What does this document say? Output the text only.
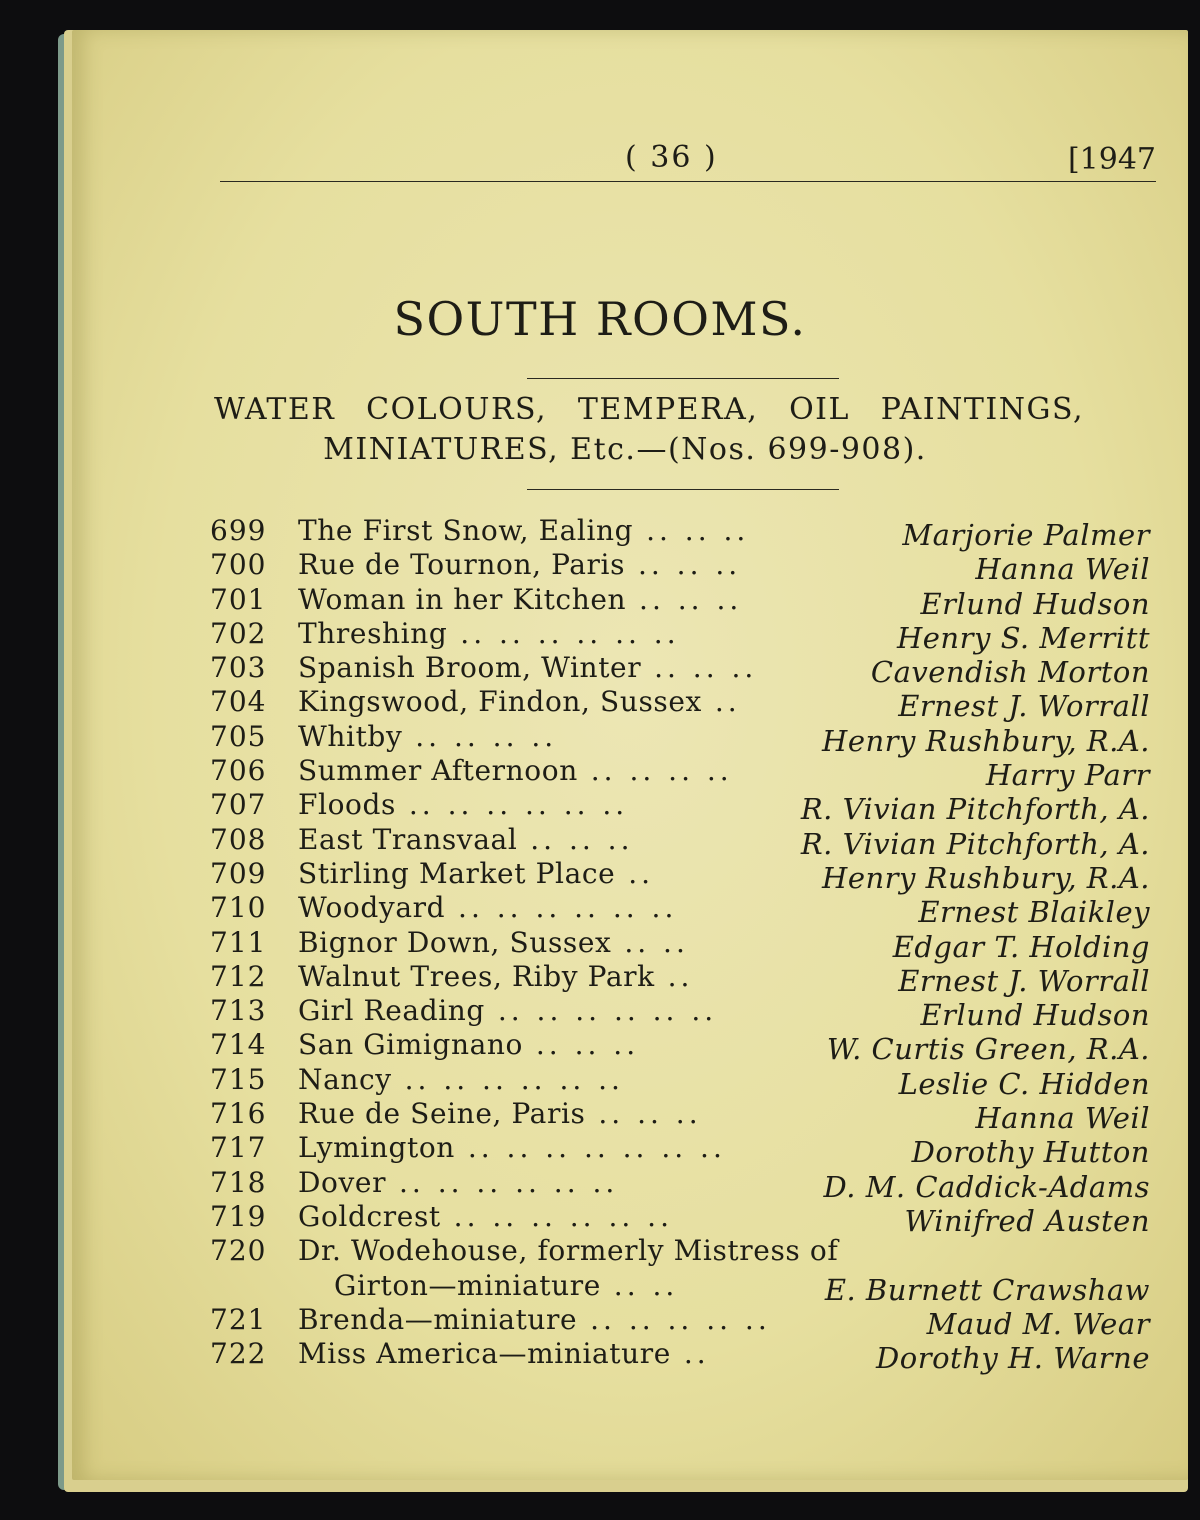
( 36 )	[1947
SOUTH ROOMS.
WATER COLOURS, TEMPERA, OIL PAINTINGS,
MINIATURES, Etc.—(Nos. 699-908).
699	The First Snow, Ealing .. .. ..	Marjorie Palmer
700	Rue de Tournon, Paris .. .. ..	Hanna Weil
701	Woman in her Kitchen .. .. ..	Erlund Hudson
702	Threshing .. .. .. .. .. ..	Henry S. Merritt
703	Spanish Broom, Winter .. .. ..	Cavendish Morton
704	Kingswood, Findon, Sussex ..	Ernest J. Worrall
705	Whitby .. .. .. ..	Henry Rushbury, R.A.
706	Summer Afternoon .. .. .. ..	Harry Parr
707	Floods .. .. .. .. .. ..	R. Vivian Pitchforth, A.
708	East Transvaal .. .. ..	R. Vivian Pitchforth, A.
709	Stirling Market Place ..	Henry Rushbury, R.A.
710	Woodyard .. .. .. .. .. ..	Ernest Blaikley
711	Bignor Down, Sussex .. ..	Edgar T. Holding
712	Walnut Trees, Riby Park ..	Ernest J. Worrall
713	Girl Reading .. .. .. .. .. ..	Erlund Hudson
714	San Gimignano .. .. ..	W. Curtis Green, R.A.
715	Nancy .. .. .. .. .. ..	Leslie C. Hidden
716	Rue de Seine, Paris .. .. ..	Hanna Weil
717	Lymington .. .. .. .. .. .. ..	Dorothy Hutton
718	Dover .. .. .. .. .. ..	D. M. Caddick-Adams
719	Goldcrest .. .. .. .. .. ..	Winifred Austen
720	Dr. Wodehouse, formerly Mistress of
Girton—miniature .. ..	E. Burnett Crawshaw
721	Brenda—miniature .. .. .. .. ..	Maud M. Wear
722	Miss America—miniature ..	Dorothy H. Warne
